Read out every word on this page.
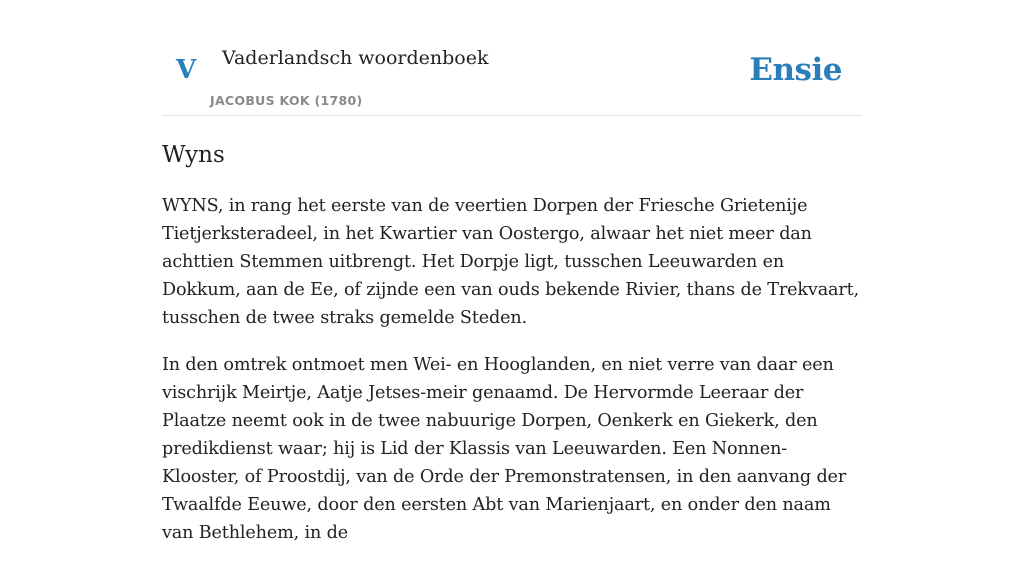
V Vaderlandsch woordenboek
JACOBUS KOK (1780)
Ensie
Wyns

WYNS, in rang het eerste van de veertien Dorpen der Friesche Grietenije Tietjerksteradeel, in het Kwartier van Oostergo, alwaar het niet meer dan achttien Stemmen uitbrengt. Het Dorpje ligt, tusschen Leeuwarden en Dokkum, aan de Ee, of zijnde een van ouds bekende Rivier, thans de Trekvaart, tusschen de twee straks gemelde Steden.

In den omtrek ontmoet men Wei- en Hooglanden, en niet verre van daar een vischrijk Meirtje, Aatje Jetses-meir genaamd. De Hervormde Leeraar der Plaatze neemt ook in de twee nabuurige Dorpen, Oenkerk en Giekerk, den predikdienst waar; hij is Lid der Klassis van Leeuwarden. Een Nonnen-Klooster, of Proostdij, van de Orde der Premonstratensen, in den aanvang der Twaalfde Eeuwe, door den eersten Abt van Marienjaart, en onder den naam van Bethlehem, in de
